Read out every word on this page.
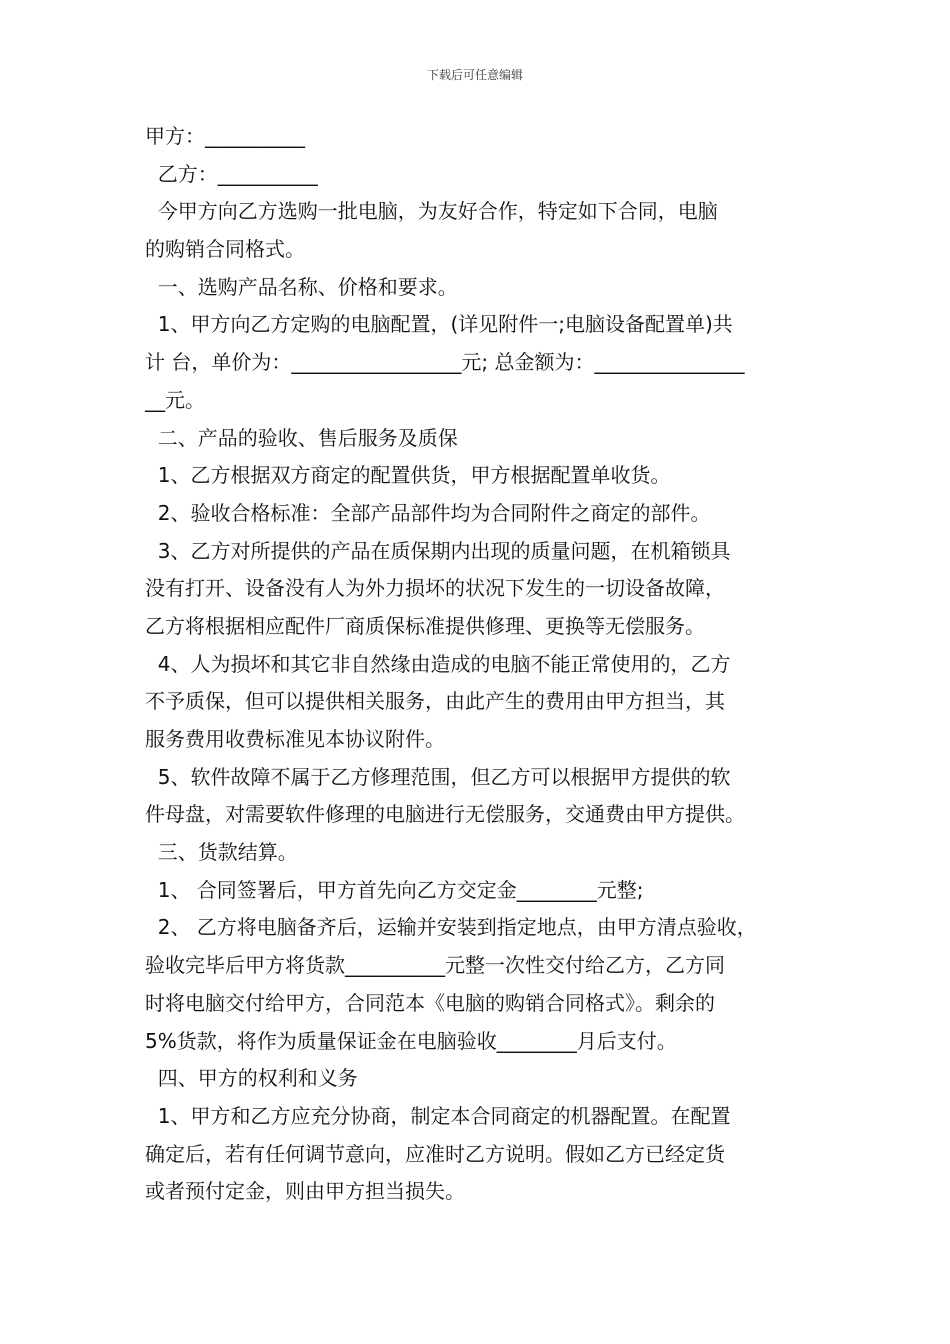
下载后可任意编辑
甲方：__________
乙方：__________
今甲方向乙方选购一批电脑，为友好合作，特定如下合同，电脑
的购销合同格式。
一、选购产品名称、价格和要求。
1、甲方向乙方定购的电脑配置，(详见附件一;电脑设备配置单)共
计 台，单价为：_________________元; 总金额为：_______________
__元。
二、产品的验收、售后服务及质保
1、乙方根据双方商定的配置供货，甲方根据配置单收货。
2、验收合格标准：全部产品部件均为合同附件之商定的部件。
3、乙方对所提供的产品在质保期内出现的质量问题，在机箱锁具
没有打开、设备没有人为外力损坏的状况下发生的一切设备故障，
乙方将根据相应配件厂商质保标准提供修理、更换等无偿服务。
4、人为损坏和其它非自然缘由造成的电脑不能正常使用的，乙方
不予质保，但可以提供相关服务，由此产生的费用由甲方担当，其
服务费用收费标准见本协议附件。
5、软件故障不属于乙方修理范围，但乙方可以根据甲方提供的软
件母盘，对需要软件修理的电脑进行无偿服务，交通费由甲方提供。
三、货款结算。
1、 合同签署后，甲方首先向乙方交定金________元整;
2、 乙方将电脑备齐后，运输并安装到指定地点，由甲方清点验收，
验收完毕后甲方将货款__________元整一次性交付给乙方，乙方同
时将电脑交付给甲方，合同范本《电脑的购销合同格式》。剩余的
5%货款，将作为质量保证金在电脑验收________月后支付。
四、甲方的权利和义务
1、甲方和乙方应充分协商，制定本合同商定的机器配置。在配置
确定后，若有任何调节意向，应准时乙方说明。假如乙方已经定货
或者预付定金，则由甲方担当损失。
